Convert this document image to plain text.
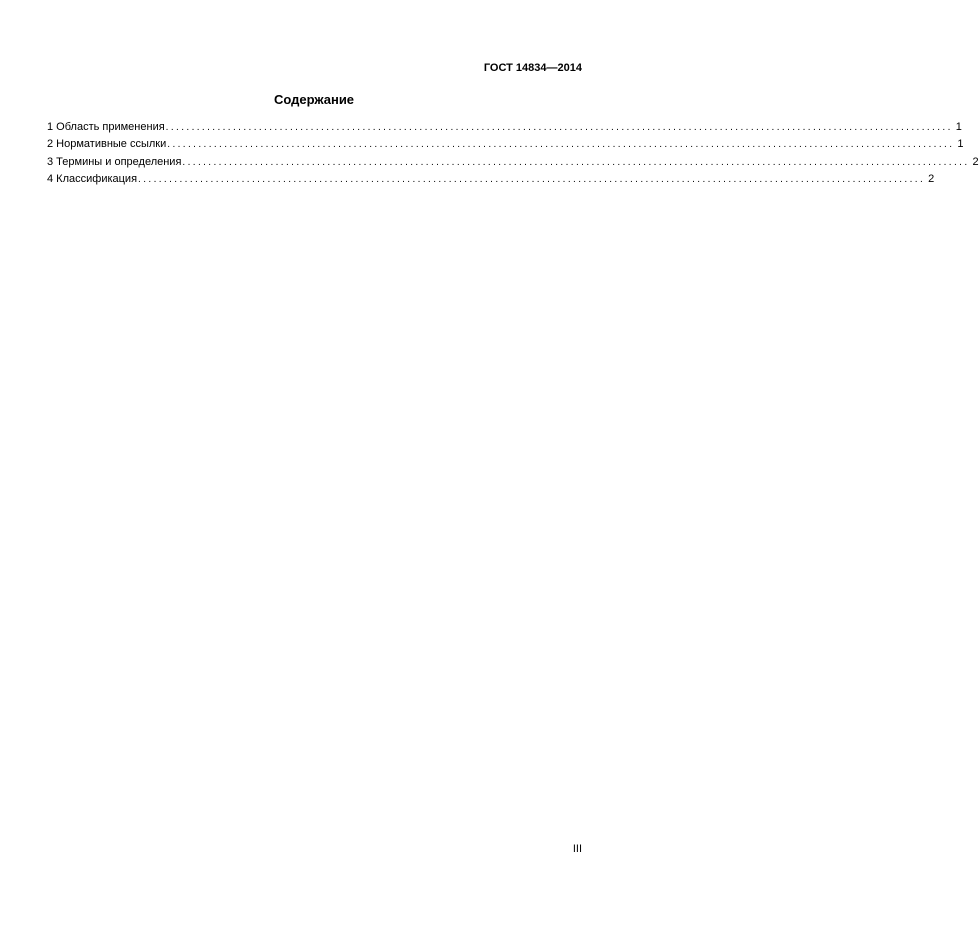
ГОСТ 14834—2014
Содержание
1 Область применения ........................................................................................................................................................ 1
2 Нормативные ссылки ........................................................................................................................................................ 1
3 Термины и определения ........................................................................................................................................................ 2
4 Классификация ........................................................................................................................................................ 2
III
